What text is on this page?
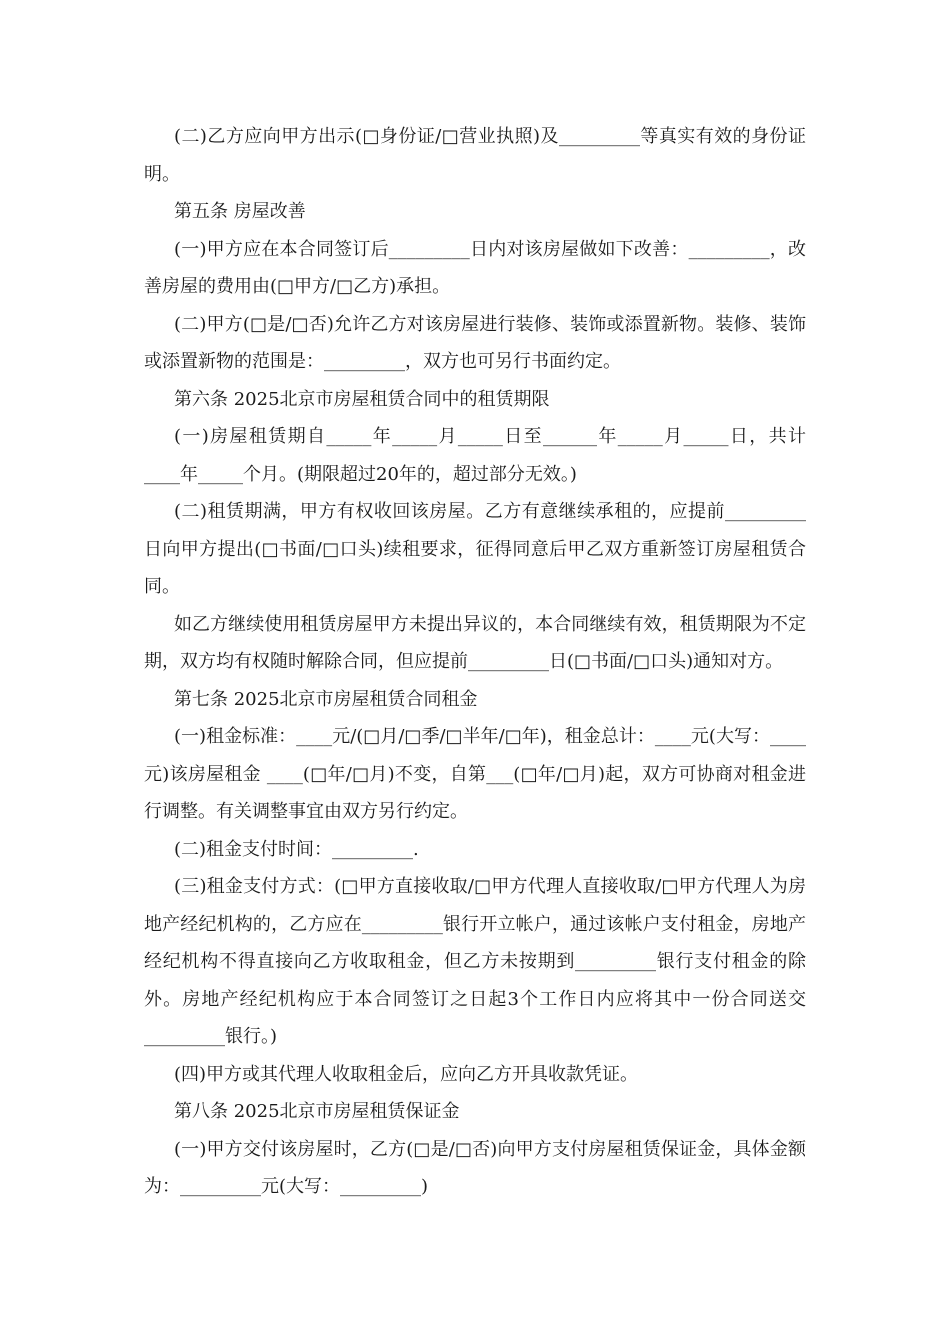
(二)乙方应向甲方出示(□身份证/□营业执照)及_________等真实有效的身份证明。

第五条 房屋改善

(一)甲方应在本合同签订后_________日内对该房屋做如下改善：_________，改善房屋的费用由(□甲方/□乙方)承担。

(二)甲方(□是/□否)允许乙方对该房屋进行装修、装饰或添置新物。装修、装饰或添置新物的范围是：_________，双方也可另行书面约定。

第六条 2025北京市房屋租赁合同中的租赁期限

(一)房屋租赁期自_____年_____月_____日至______年_____月_____日，共计____年_____个月。(期限超过20年的，超过部分无效。)

(二)租赁期满，甲方有权收回该房屋。乙方有意继续承租的，应提前_________日向甲方提出(□书面/□口头)续租要求，征得同意后甲乙双方重新签订房屋租赁合同。

如乙方继续使用租赁房屋甲方未提出异议的，本合同继续有效，租赁期限为不定期，双方均有权随时解除合同，但应提前_________日(□书面/□口头)通知对方。

第七条 2025北京市房屋租赁合同租金

(一)租金标准：____元/(□月/□季/□半年/□年)，租金总计：____元(大写：____元)该房屋租金 ____(□年/□月)不变，自第___(□年/□月)起，双方可协商对租金进行调整。有关调整事宜由双方另行约定。

(二)租金支付时间：_________.

(三)租金支付方式：(□甲方直接收取/□甲方代理人直接收取/□甲方代理人为房地产经纪机构的，乙方应在_________银行开立帐户，通过该帐户支付租金，房地产经纪机构不得直接向乙方收取租金，但乙方未按期到_________银行支付租金的除外。房地产经纪机构应于本合同签订之日起3个工作日内应将其中一份合同送交_________银行。)

(四)甲方或其代理人收取租金后，应向乙方开具收款凭证。

第八条 2025北京市房屋租赁保证金

(一)甲方交付该房屋时，乙方(□是/□否)向甲方支付房屋租赁保证金，具体金额为：_________元(大写：_________)
